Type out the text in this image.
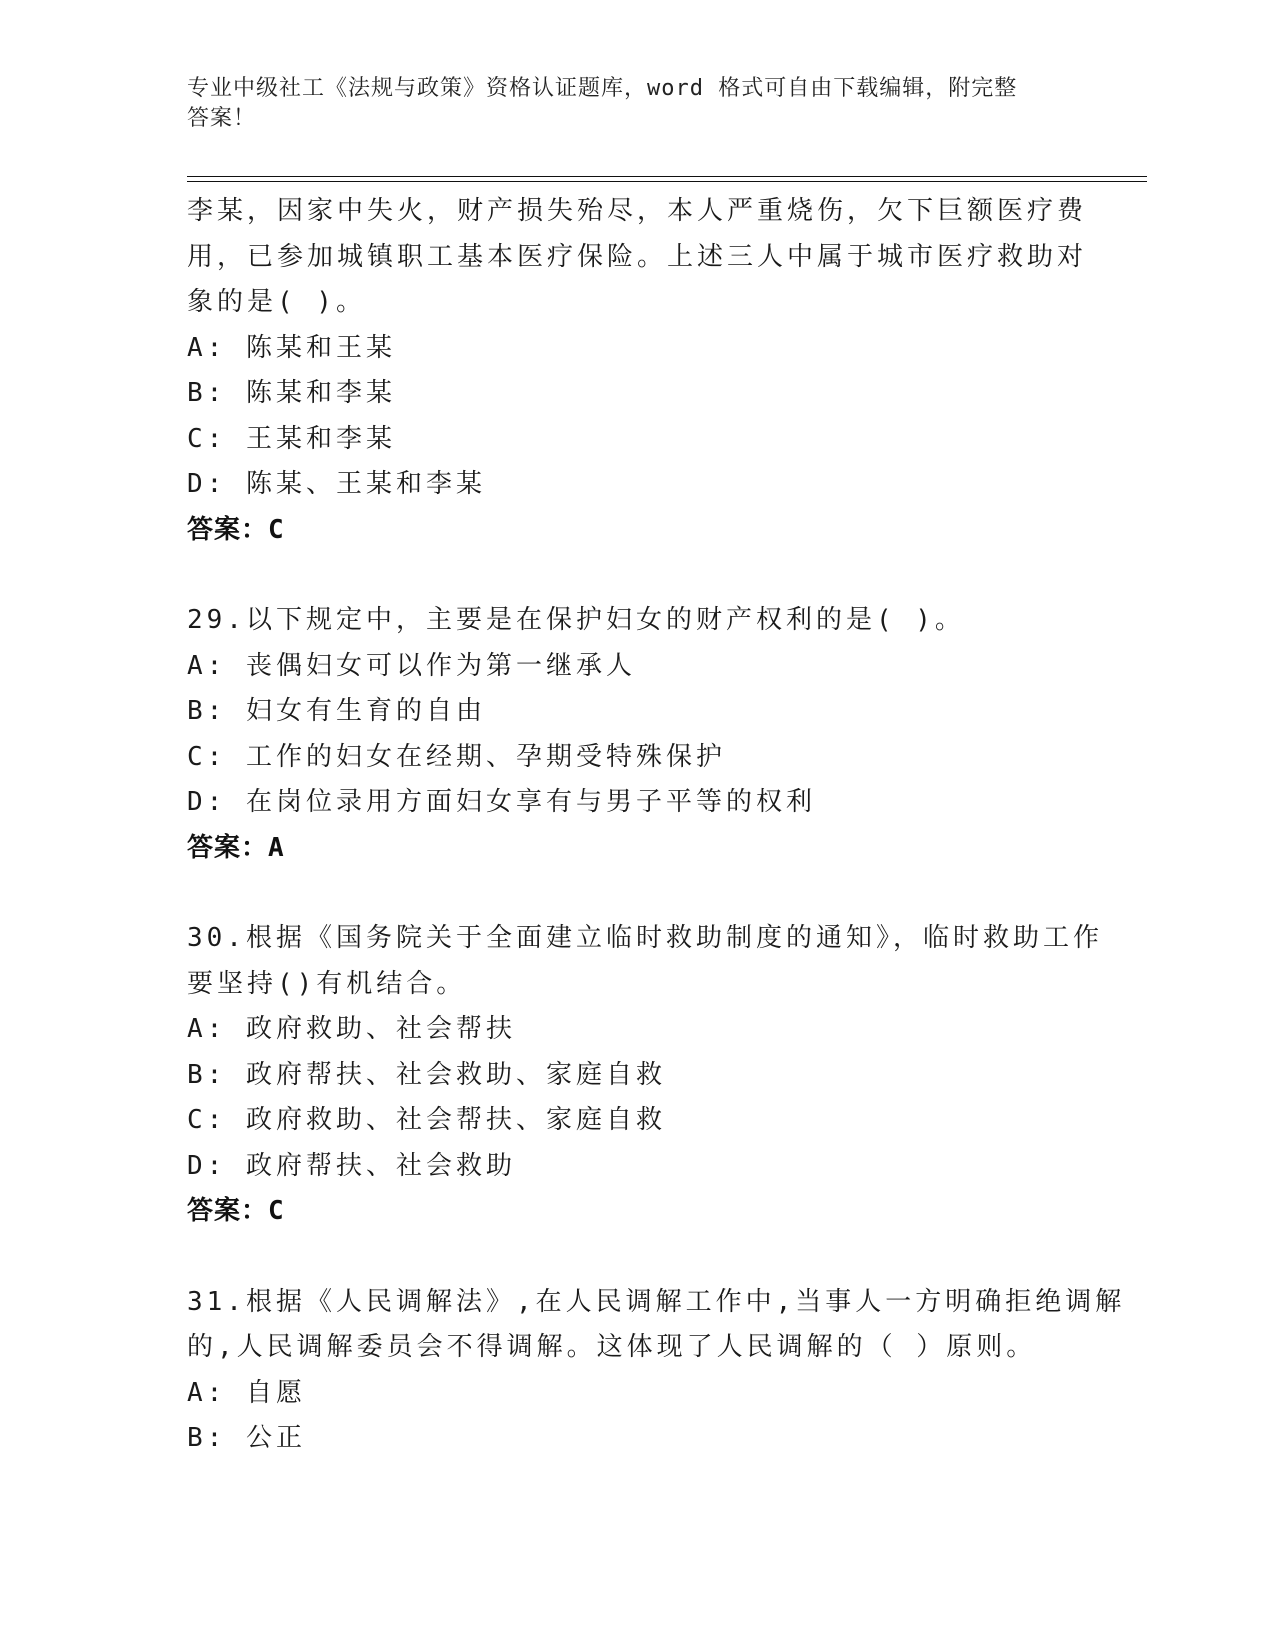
专业中级社工《法规与政策》资格认证题库，word 格式可自由下载编辑，附完整
答案！
李某，因家中失火，财产损失殆尽，本人严重烧伤，欠下巨额医疗费
用，已参加城镇职工基本医疗保险。上述三人中属于城市医疗救助对
象的是( )。
A: 陈某和王某
B: 陈某和李某
C: 王某和李某
D: 陈某、王某和李某
答案：C
29.以下规定中，主要是在保护妇女的财产权利的是( )。
A: 丧偶妇女可以作为第一继承人
B: 妇女有生育的自由
C: 工作的妇女在经期、孕期受特殊保护
D: 在岗位录用方面妇女享有与男子平等的权利
答案：A
30.根据《国务院关于全面建立临时救助制度的通知》，临时救助工作
要坚持()有机结合。
A: 政府救助、社会帮扶
B: 政府帮扶、社会救助、家庭自救
C: 政府救助、社会帮扶、家庭自救
D: 政府帮扶、社会救助
答案：C
31.根据《人民调解法》,在人民调解工作中,当事人一方明确拒绝调解
的,人民调解委员会不得调解。这体现了人民调解的（ ）原则。
A: 自愿
B: 公正
